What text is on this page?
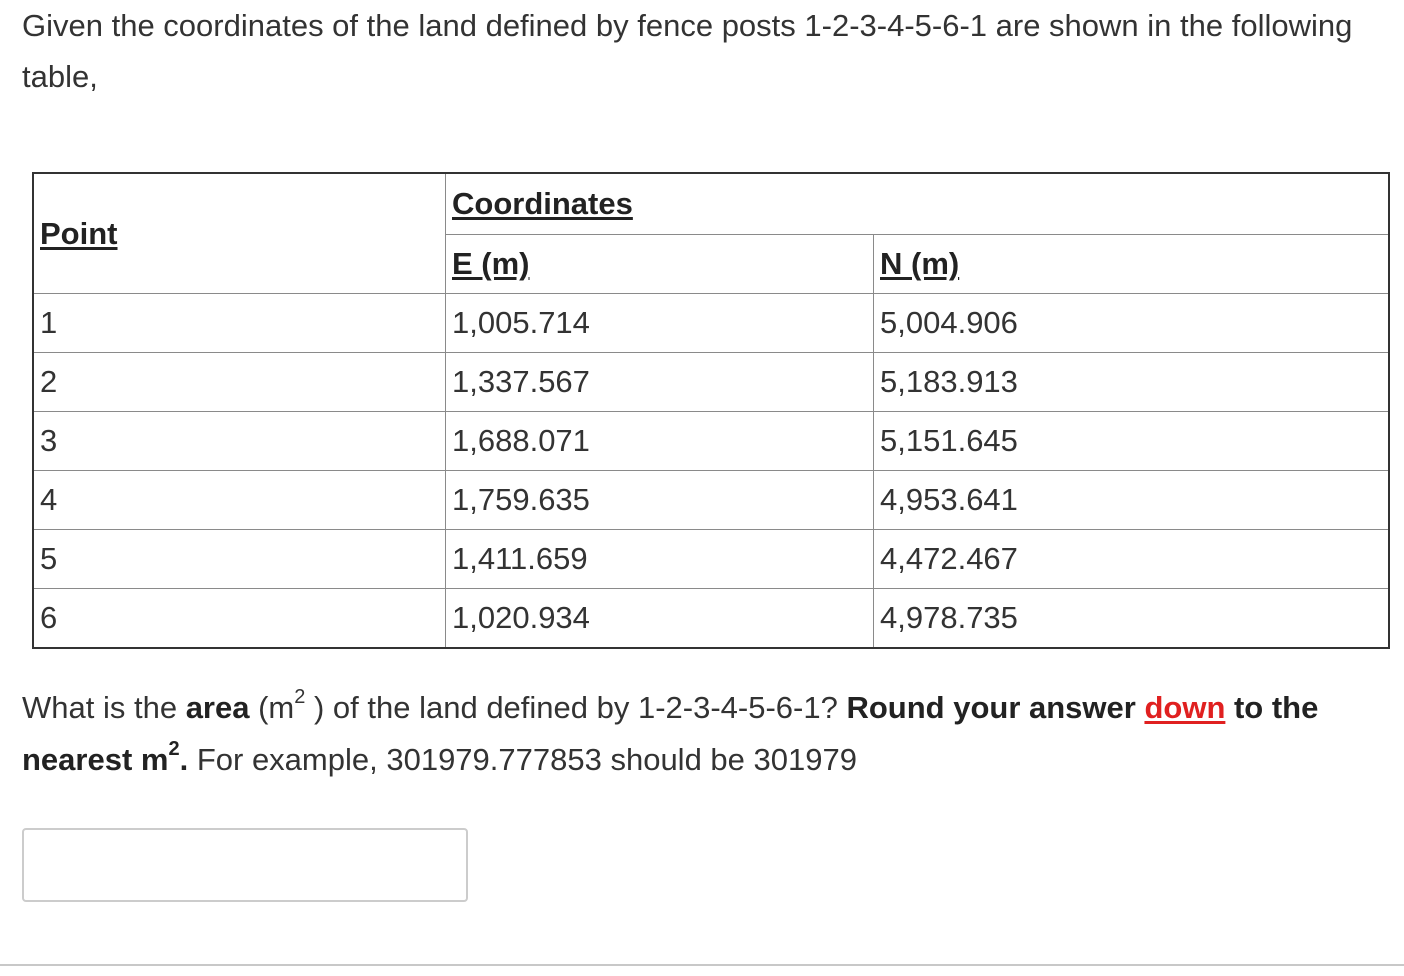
Given the coordinates of the land defined by fence posts 1-2-3-4-5-6-1 are shown in the following table,

Point	Coordinates	
	E (m)	N (m)
1	1,005.714	5,004.906
2	1,337.567	5,183.913
3	1,688.071	5,151.645
4	1,759.635	4,953.641
5	1,411.659	4,472.467
6	1,020.934	4,978.735

What is the area ($m^2$ ) of the land defined by 1-2-3-4-5-6-1? Round your answer down to the nearest $m^2$. For example, 301979.777853 should be 301979
